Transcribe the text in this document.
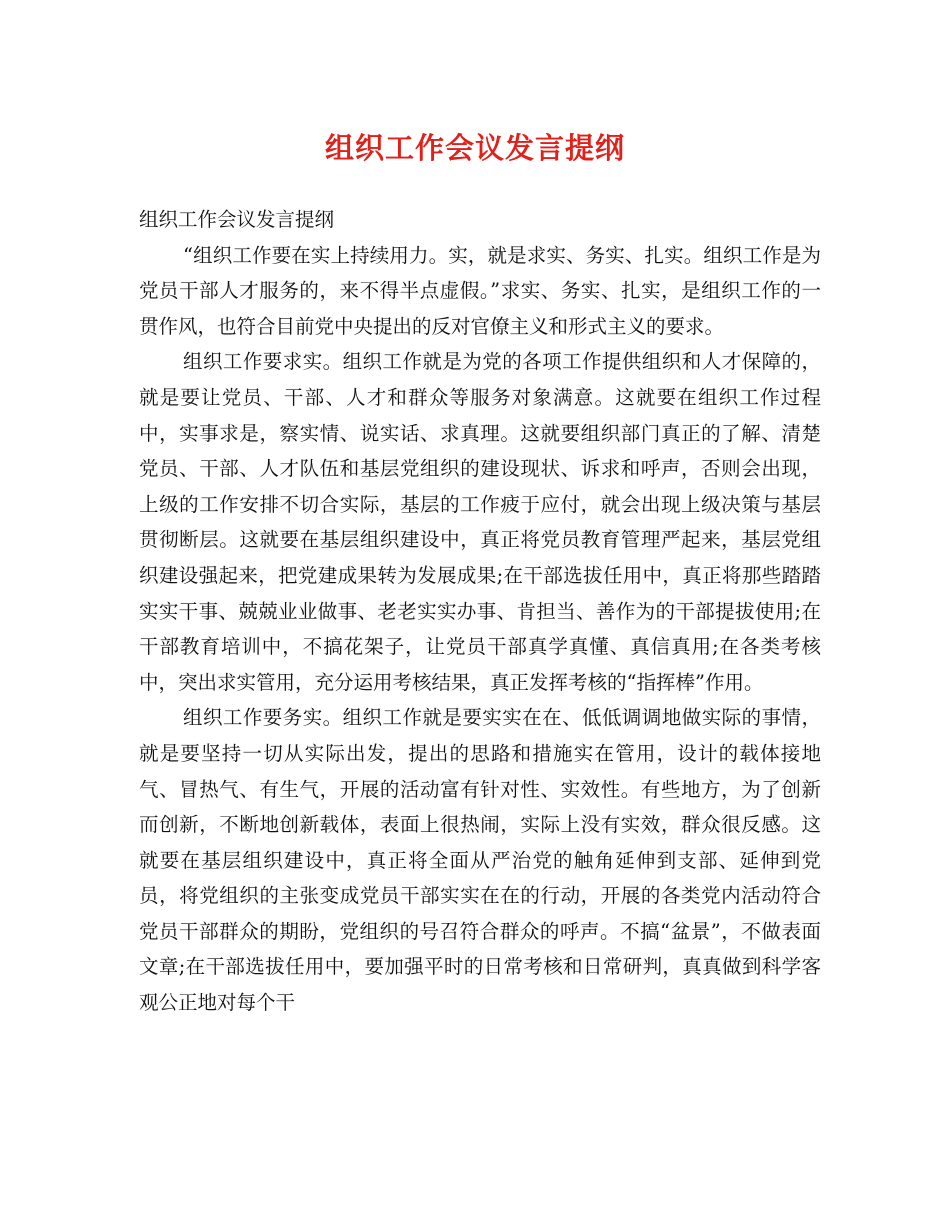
组织工作会议发言提纲

组织工作会议发言提纲

“组织工作要在实上持续用力。实，就是求实、务实、扎实。组织工作是为党员干部人才服务的，来不得半点虚假。”求实、务实、扎实，是组织工作的一贯作风，也符合目前党中央提出的反对官僚主义和形式主义的要求。

组织工作要求实。组织工作就是为党的各项工作提供组织和人才保障的，就是要让党员、干部、人才和群众等服务对象满意。这就要在组织工作过程中，实事求是，察实情、说实话、求真理。这就要组织部门真正的了解、清楚党员、干部、人才队伍和基层党组织的建设现状、诉求和呼声，否则会出现，上级的工作安排不切合实际，基层的工作疲于应付，就会出现上级决策与基层贯彻断层。这就要在基层组织建设中，真正将党员教育管理严起来，基层党组织建设强起来，把党建成果转为发展成果;在干部选拔任用中，真正将那些踏踏实实干事、兢兢业业做事、老老实实办事、肯担当、善作为的干部提拔使用;在干部教育培训中，不搞花架子，让党员干部真学真懂、真信真用;在各类考核中，突出求实管用，充分运用考核结果，真正发挥考核的“指挥棒”作用。

组织工作要务实。组织工作就是要实实在在、低低调调地做实际的事情，就是要坚持一切从实际出发，提出的思路和措施实在管用，设计的载体接地气、冒热气、有生气，开展的活动富有针对性、实效性。有些地方，为了创新而创新，不断地创新载体，表面上很热闹，实际上没有实效，群众很反感。这就要在基层组织建设中，真正将全面从严治党的触角延伸到支部、延伸到党员，将党组织的主张变成党员干部实实在在的行动，开展的各类党内活动符合党员干部群众的期盼，党组织的号召符合群众的呼声。不搞“盆景”，不做表面文章;在干部选拔任用中，要加强平时的日常考核和日常研判，真真做到科学客观公正地对每个干
